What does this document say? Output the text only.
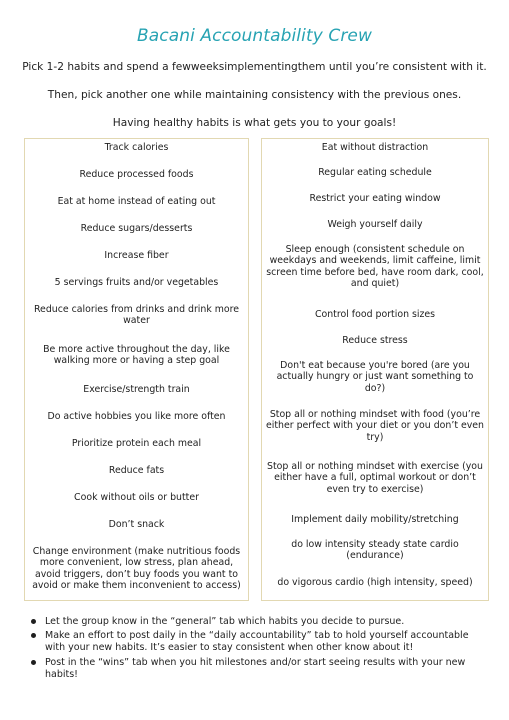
Bacani Accountability Crew

Pick 1-2 habits and spend a fewweeksimplementingthem until you’re consistent with it.

Then, pick another one while maintaining consistency with the previous ones.

Having healthy habits is what gets you to your goals!

Track calories
Reduce processed foods
Eat at home instead of eating out
Reduce sugars/desserts
Increase fiber
5 servings fruits and/or vegetables
Reduce calories from drinks and drink more water
Be more active throughout the day, like walking more or having a step goal
Exercise/strength train
Do active hobbies you like more often
Prioritize protein each meal
Reduce fats
Cook without oils or butter
Don’t snack
Change environment (make nutritious foods more convenient, low stress, plan ahead, avoid triggers, don’t buy foods you want to avoid or make them inconvenient to access)
Eat without distraction
Regular eating schedule
Restrict your eating window
Weigh yourself daily
Sleep enough (consistent schedule on weekdays and weekends, limit caffeine, limit screen time before bed, have room dark, cool, and quiet)
Control food portion sizes
Reduce stress
Don't eat because you're bored (are you actually hungry or just want something to do?)
Stop all or nothing mindset with food (you’re either perfect with your diet or you don’t even try)
Stop all or nothing mindset with exercise (you either have a full, optimal workout or don’t even try to exercise)
Implement daily mobility/stretching
do low intensity steady state cardio (endurance)
do vigorous cardio (high intensity, speed)
Let the group know in the “general” tab which habits you decide to pursue.
Make an effort to post daily in the “daily accountability” tab to hold yourself accountable with your new habits. It’s easier to stay consistent when other know about it!
Post in the “wins” tab when you hit milestones and/or start seeing results with your new habits!
